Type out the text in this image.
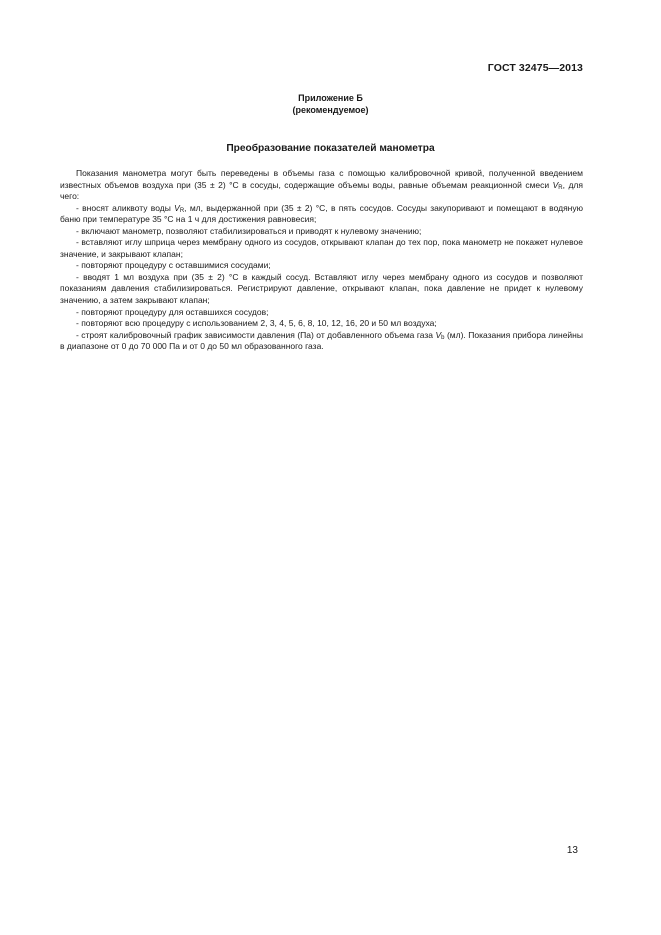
ГОСТ 32475—2013
Приложение Б
(рекомендуемое)
Преобразование показателей манометра

Показания манометра могут быть переведены в объемы газа с помощью калибровочной кривой, полученной введением известных объемов воздуха при (35 ± 2) °С в сосуды, содержащие объемы воды, равные объемам реакционной смеси $V_R$, для чего:

- вносят аликвоту воды $V_R$, мл, выдержанной при (35 ± 2) °С, в пять сосудов. Сосуды закупоривают и помещают в водяную баню при температуре 35 °С на 1 ч для достижения равновесия;

- включают манометр, позволяют стабилизироваться и приводят к нулевому значению;

- вставляют иглу шприца через мембрану одного из сосудов, открывают клапан до тех пор, пока манометр не покажет нулевое значение, и закрывают клапан;

- повторяют процедуру с оставшимися сосудами;

- вводят 1 мл воздуха при (35 ± 2) °С в каждый сосуд. Вставляют иглу через мембрану одного из сосудов и позволяют показаниям давления стабилизироваться. Регистрируют давление, открывают клапан, пока давление не придет к нулевому значению, а затем закрывают клапан;

- повторяют процедуру для оставшихся сосудов;

- повторяют всю процедуру с использованием 2, 3, 4, 5, 6, 8, 10, 12, 16, 20 и 50 мл воздуха;

- строят калибровочный график зависимости давления (Па) от добавленного объема газа $V_b$ (мл). Показания прибора линейны в диапазоне от 0 до 70 000 Па и от 0 до 50 мл образованного газа.

13
